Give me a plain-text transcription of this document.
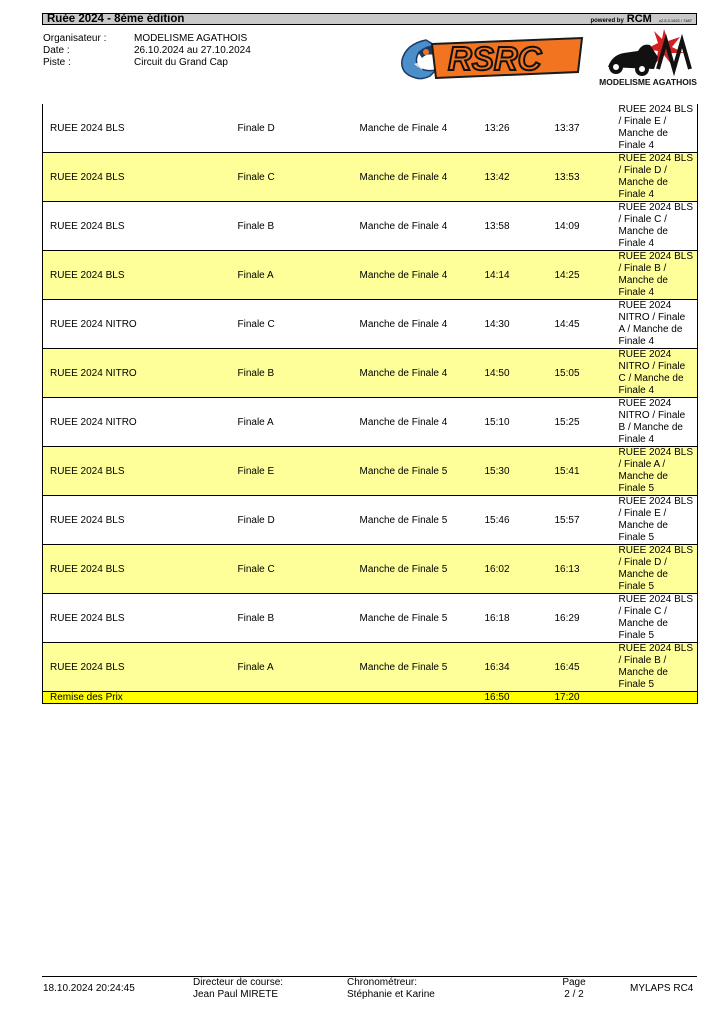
Ruée 2024 - 8ème édition	powered by RCM v2.5.3.1922 / 7487
Organisateur :	MODELISME AGATHOIS
Date :	26.10.2024 au 27.10.2024
Piste :	Circuit du Grand Cap	RSRC
MODELISME AGATHOIS
RUEE 2024 BLS	Finale D	Manche de Finale 4	13:26	13:37	RUEE 2024 BLS / Finale E / Manche de Finale 4

RUEE 2024 BLS	Finale C	Manche de Finale 4	13:42	13:53	RUEE 2024 BLS / Finale D / Manche de Finale 4

RUEE 2024 BLS	Finale B	Manche de Finale 4	13:58	14:09	RUEE 2024 BLS / Finale C / Manche de Finale 4

RUEE 2024 BLS	Finale A	Manche de Finale 4	14:14	14:25	RUEE 2024 BLS / Finale B / Manche de Finale 4

RUEE 2024 NITRO	Finale C	Manche de Finale 4	14:30	14:45	RUEE 2024 NITRO / Finale A / Manche de Finale 4

RUEE 2024 NITRO	Finale B	Manche de Finale 4	14:50	15:05	RUEE 2024 NITRO / Finale C / Manche de Finale 4

RUEE 2024 NITRO	Finale A	Manche de Finale 4	15:10	15:25	RUEE 2024 NITRO / Finale B / Manche de Finale 4

RUEE 2024 BLS	Finale E	Manche de Finale 5	15:30	15:41	RUEE 2024 BLS / Finale A / Manche de Finale 5

RUEE 2024 BLS	Finale D	Manche de Finale 5	15:46	15:57	RUEE 2024 BLS / Finale E / Manche de Finale 5

RUEE 2024 BLS	Finale C	Manche de Finale 5	16:02	16:13	RUEE 2024 BLS / Finale D / Manche de Finale 5

RUEE 2024 BLS	Finale B	Manche de Finale 5	16:18	16:29	RUEE 2024 BLS / Finale C / Manche de Finale 5

RUEE 2024 BLS	Finale A	Manche de Finale 5	16:34	16:45	RUEE 2024 BLS / Finale B / Manche de Finale 5

Remise des Prix			16:50	17:20	
18.10.2024 20:24:45
Directeur de course:
Jean Paul MIRETE
Chronométreur:
Stéphanie et Karine
Page
2 / 2
MYLAPS RC4
